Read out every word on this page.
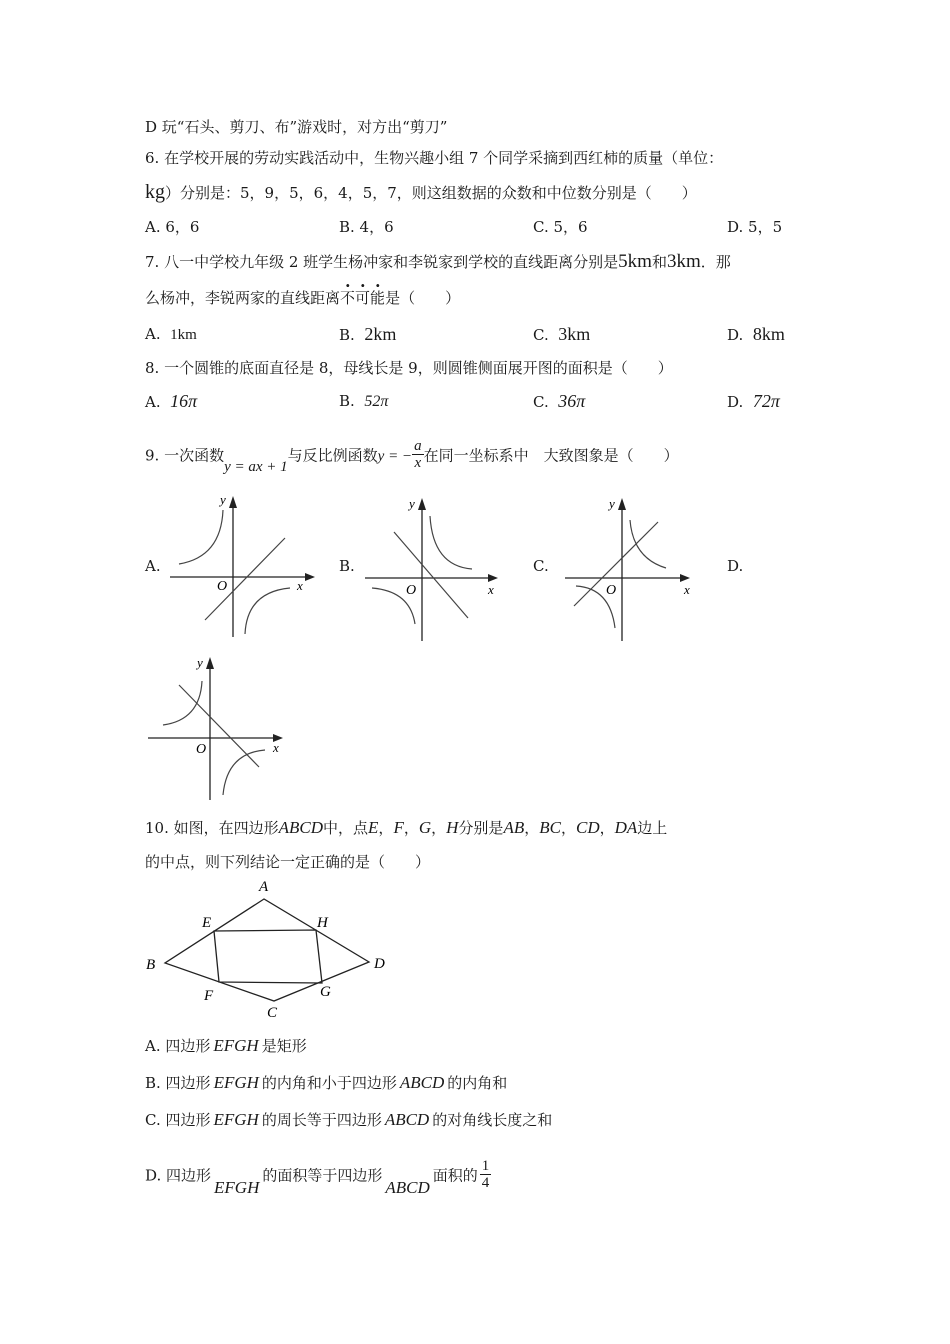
D 玩“石头、剪刀、布”游戏时，对方出“剪刀”
6. 在学校开展的劳动实践活动中，生物兴趣小组 7 个同学采摘到西红柿的质量（单位：
kg）分别是：5，9，5，6，4，5，7，则这组数据的众数和中位数分别是（　　）
A. 6，6	B. 4，6	C. 5，6	D. 5，5
7. 八一中学校九年级 2 班学生杨冲家和李锐家到学校的直线距离分别是5km和3km．那
么杨冲，李锐两家的直线距离不可能是（　　）
A. 1km	B. 2km	C. 3km	D. 8km
8. 一个圆锥的底面直径是 8，母线长是 9，则圆锥侧面展开图的面积是（　　）
A. 16π	B. 52π	C. 36π	D. 72π
9. 一次函数y = ax + 1与反比例函数y = − $\frac{a}{x}$ 在同一坐标系中　大致图象是（　　）
A.	B.	C.	D.
x
y
O	x
y
O	x
y
O
x
y
O
10. 如图，在四边形ABCD中，点E，F，G，H分别是AB，BC，CD，DA边上
的中点，则下列结论一定正确的是（　　）
A
B
C
D
E
F	G
H
A. 四边形 EFGH 是矩形
B. 四边形 EFGH 的内角和小于四边形 ABCD 的内角和
C. 四边形 EFGH 的周长等于四边形 ABCD 的对角线长度之和
D. 四边形EFGH的面积等于四边形ABCD面积的 $\frac{1}{4}$
